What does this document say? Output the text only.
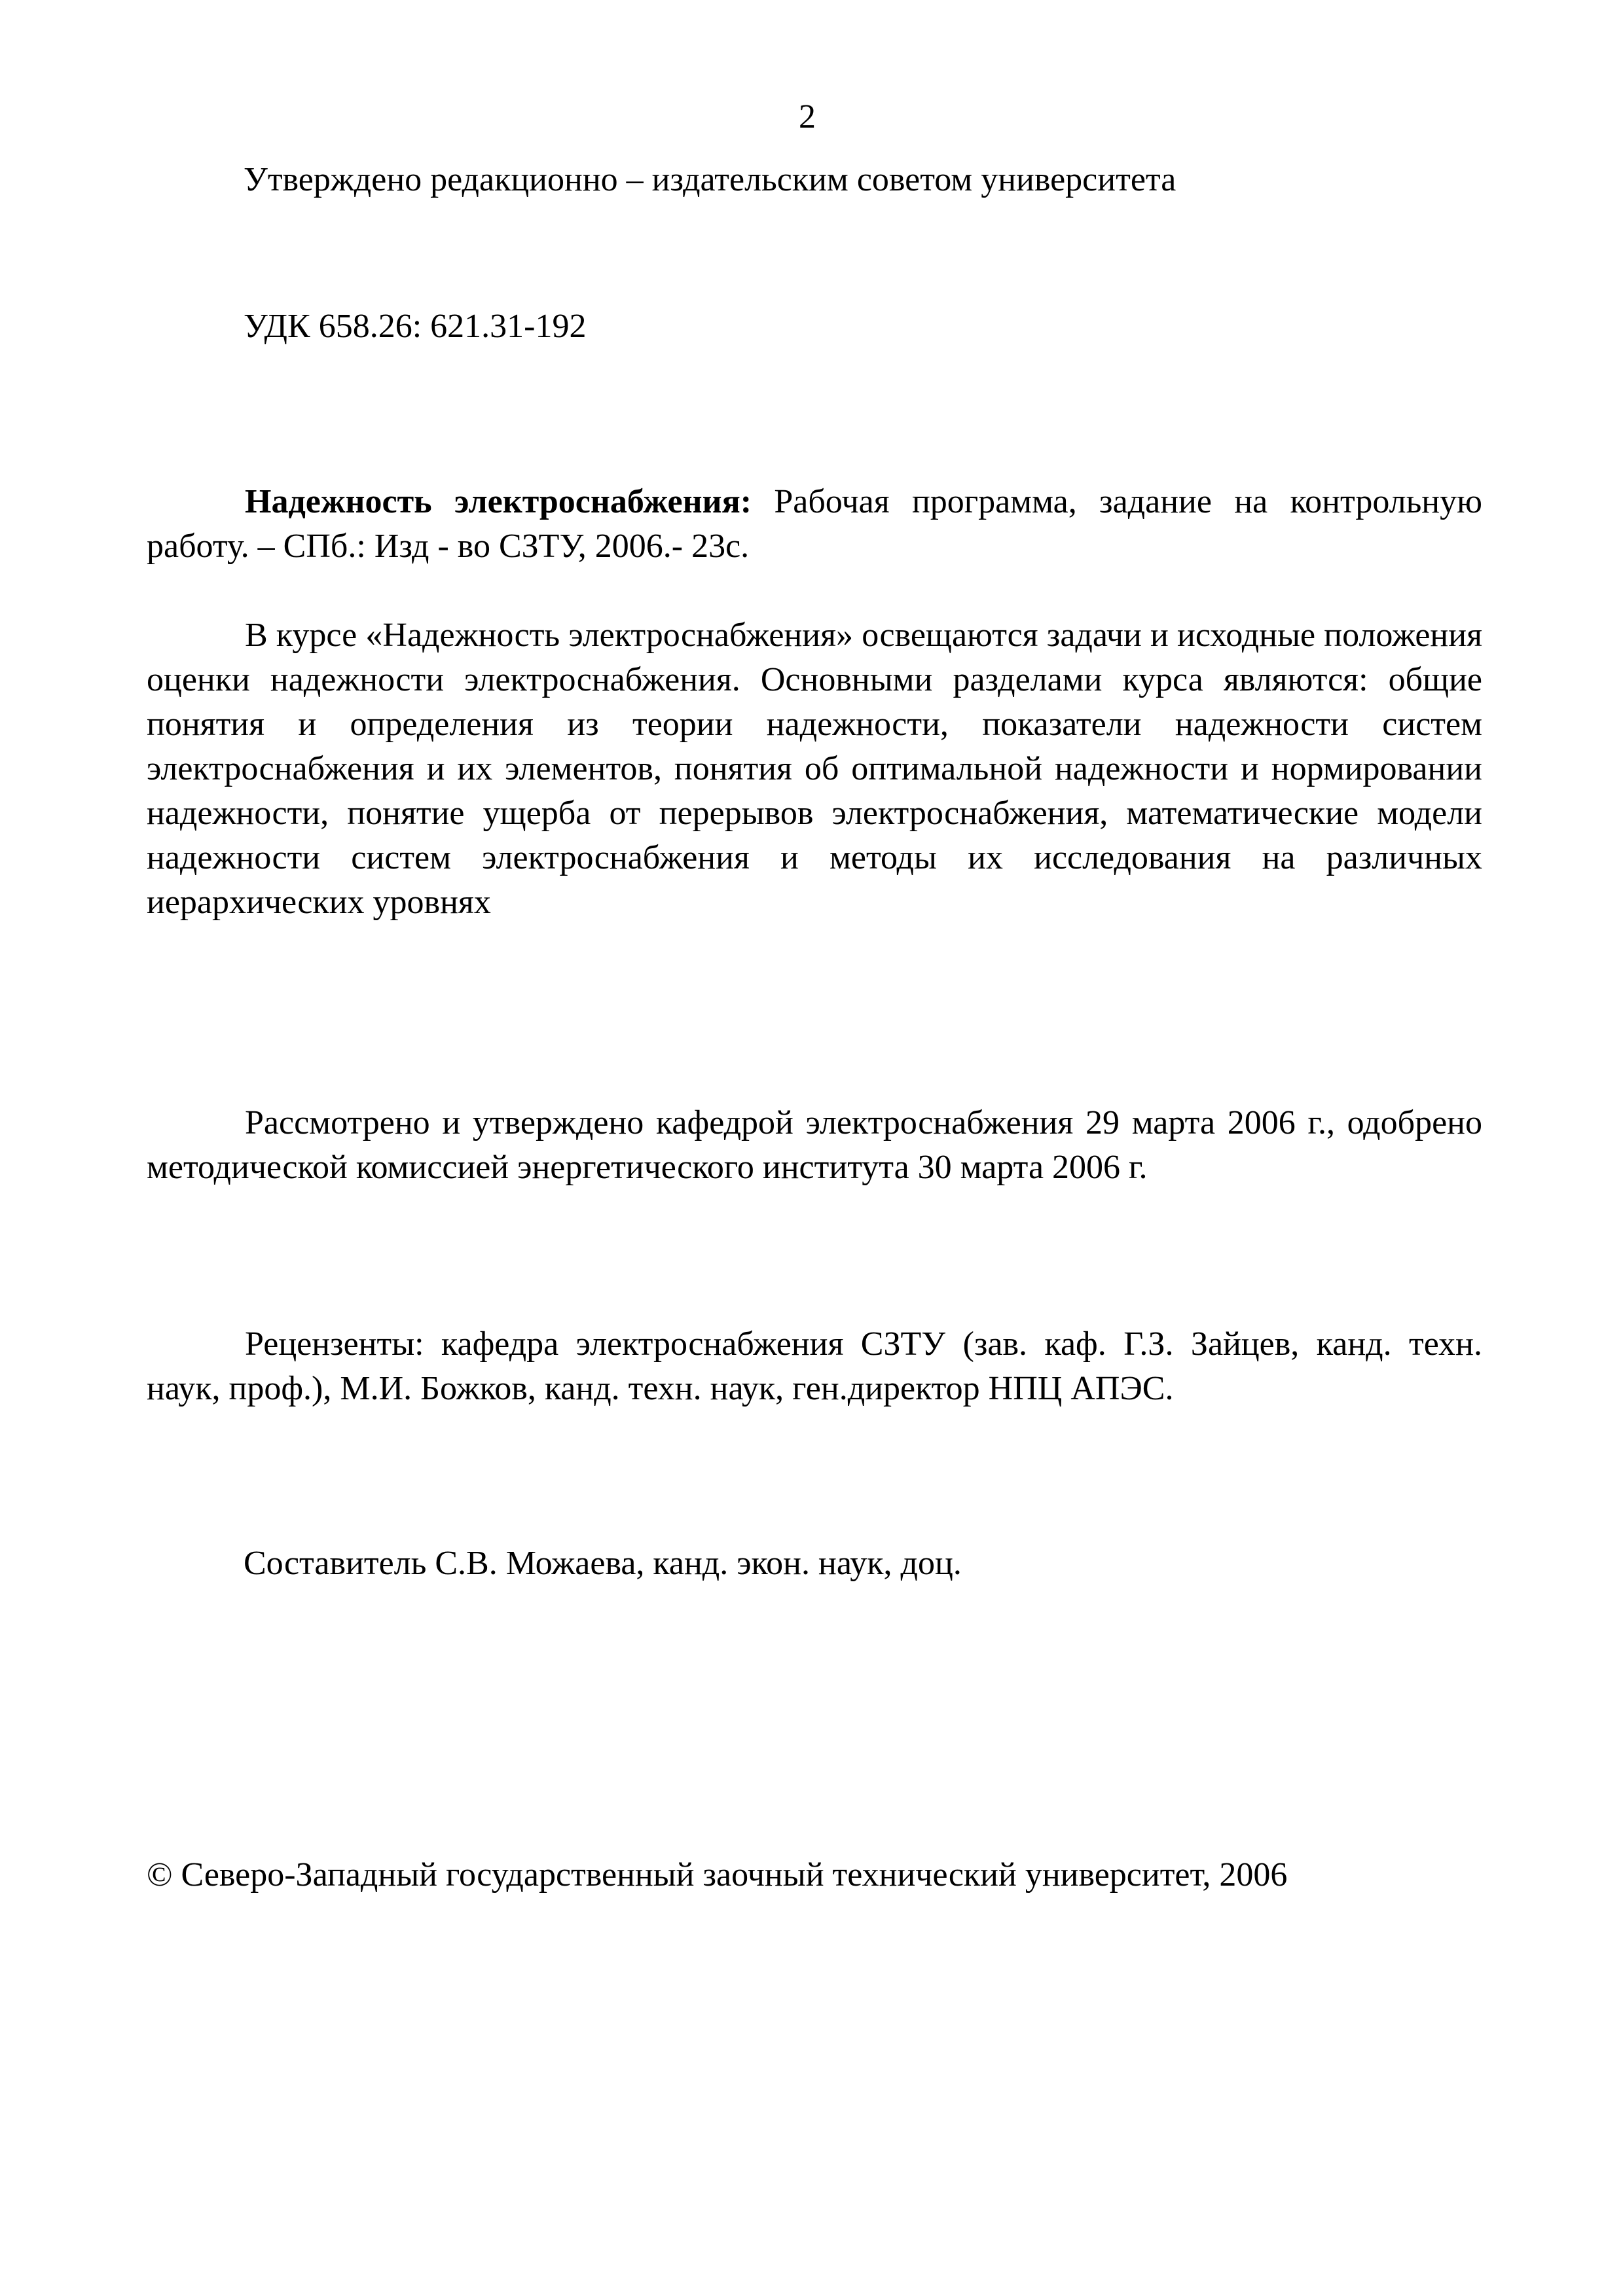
2
Утверждено редакционно – издательским советом университета
УДК 658.26: 621.31-192
Надежность электроснабжения: Рабочая программа, задание на контрольную работу. – СПб.: Изд - во СЗТУ, 2006.- 23с.
В курсе «Надежность электроснабжения» освещаются задачи и исходные положения оценки надежности электроснабжения. Основными разделами курса являются: общие понятия и определения из теории надежности, показатели надежности систем электроснабжения и их элементов, понятия об оптимальной надежности и нормировании надежности, понятие ущерба от перерывов электроснабжения, математические модели надежности систем электроснабжения и методы их исследования на различных иерархических уровнях
Рассмотрено и утверждено кафедрой электроснабжения 29 марта 2006 г., одобрено методической комиссией энергетического института 30 марта 2006 г.
Рецензенты: кафедра электроснабжения СЗТУ (зав. каф. Г.З. Зайцев, канд. техн. наук, проф.), М.И. Божков, канд. техн. наук, ген.директор НПЦ АПЭС.
Составитель С.В. Можаева, канд. экон. наук, доц.
© Северо-Западный государственный заочный технический университет, 2006
